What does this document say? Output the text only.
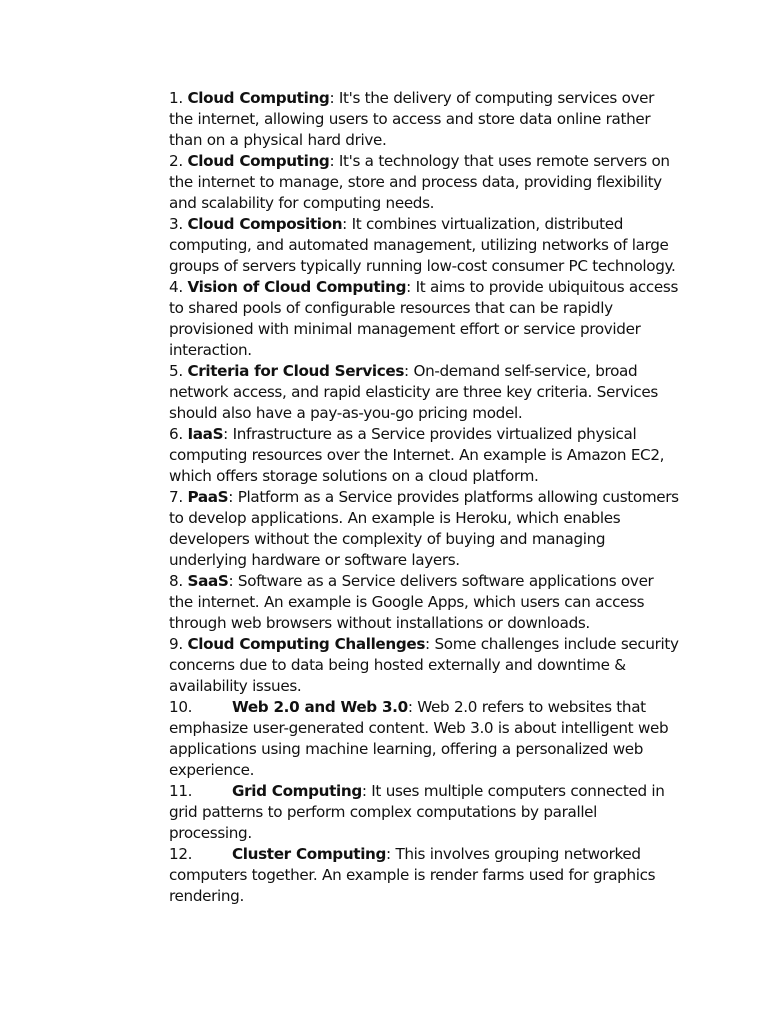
1. Cloud Computing: It's the delivery of computing services over the internet, allowing users to access and store data online rather than on a physical hard drive.

2. Cloud Computing: It's a technology that uses remote servers on the internet to manage, store and process data, providing flexibility and scalability for computing needs.

3. Cloud Composition: It combines virtualization, distributed computing, and automated management, utilizing networks of large groups of servers typically running low-cost consumer PC technology.

4. Vision of Cloud Computing: It aims to provide ubiquitous access to shared pools of configurable resources that can be rapidly provisioned with minimal management effort or service provider interaction.

5. Criteria for Cloud Services: On-demand self-service, broad network access, and rapid elasticity are three key criteria. Services should also have a pay-as-you-go pricing model.

6. IaaS: Infrastructure as a Service provides virtualized physical computing resources over the Internet. An example is Amazon EC2, which offers storage solutions on a cloud platform.

7. PaaS: Platform as a Service provides platforms allowing customers to develop applications. An example is Heroku, which enables developers without the complexity of buying and managing underlying hardware or software layers.

8. SaaS: Software as a Service delivers software applications over the internet. An example is Google Apps, which users can access through web browsers without installations or downloads.

9. Cloud Computing Challenges: Some challenges include security concerns due to data being hosted externally and downtime & availability issues.

10.	Web 2.0 and Web 3.0: Web 2.0 refers to websites that emphasize user-generated content. Web 3.0 is about intelligent web applications using machine learning, offering a personalized web experience.

11.	Grid Computing: It uses multiple computers connected in grid patterns to perform complex computations by parallel processing.

12.	Cluster Computing: This involves grouping networked computers together. An example is render farms used for graphics rendering.
